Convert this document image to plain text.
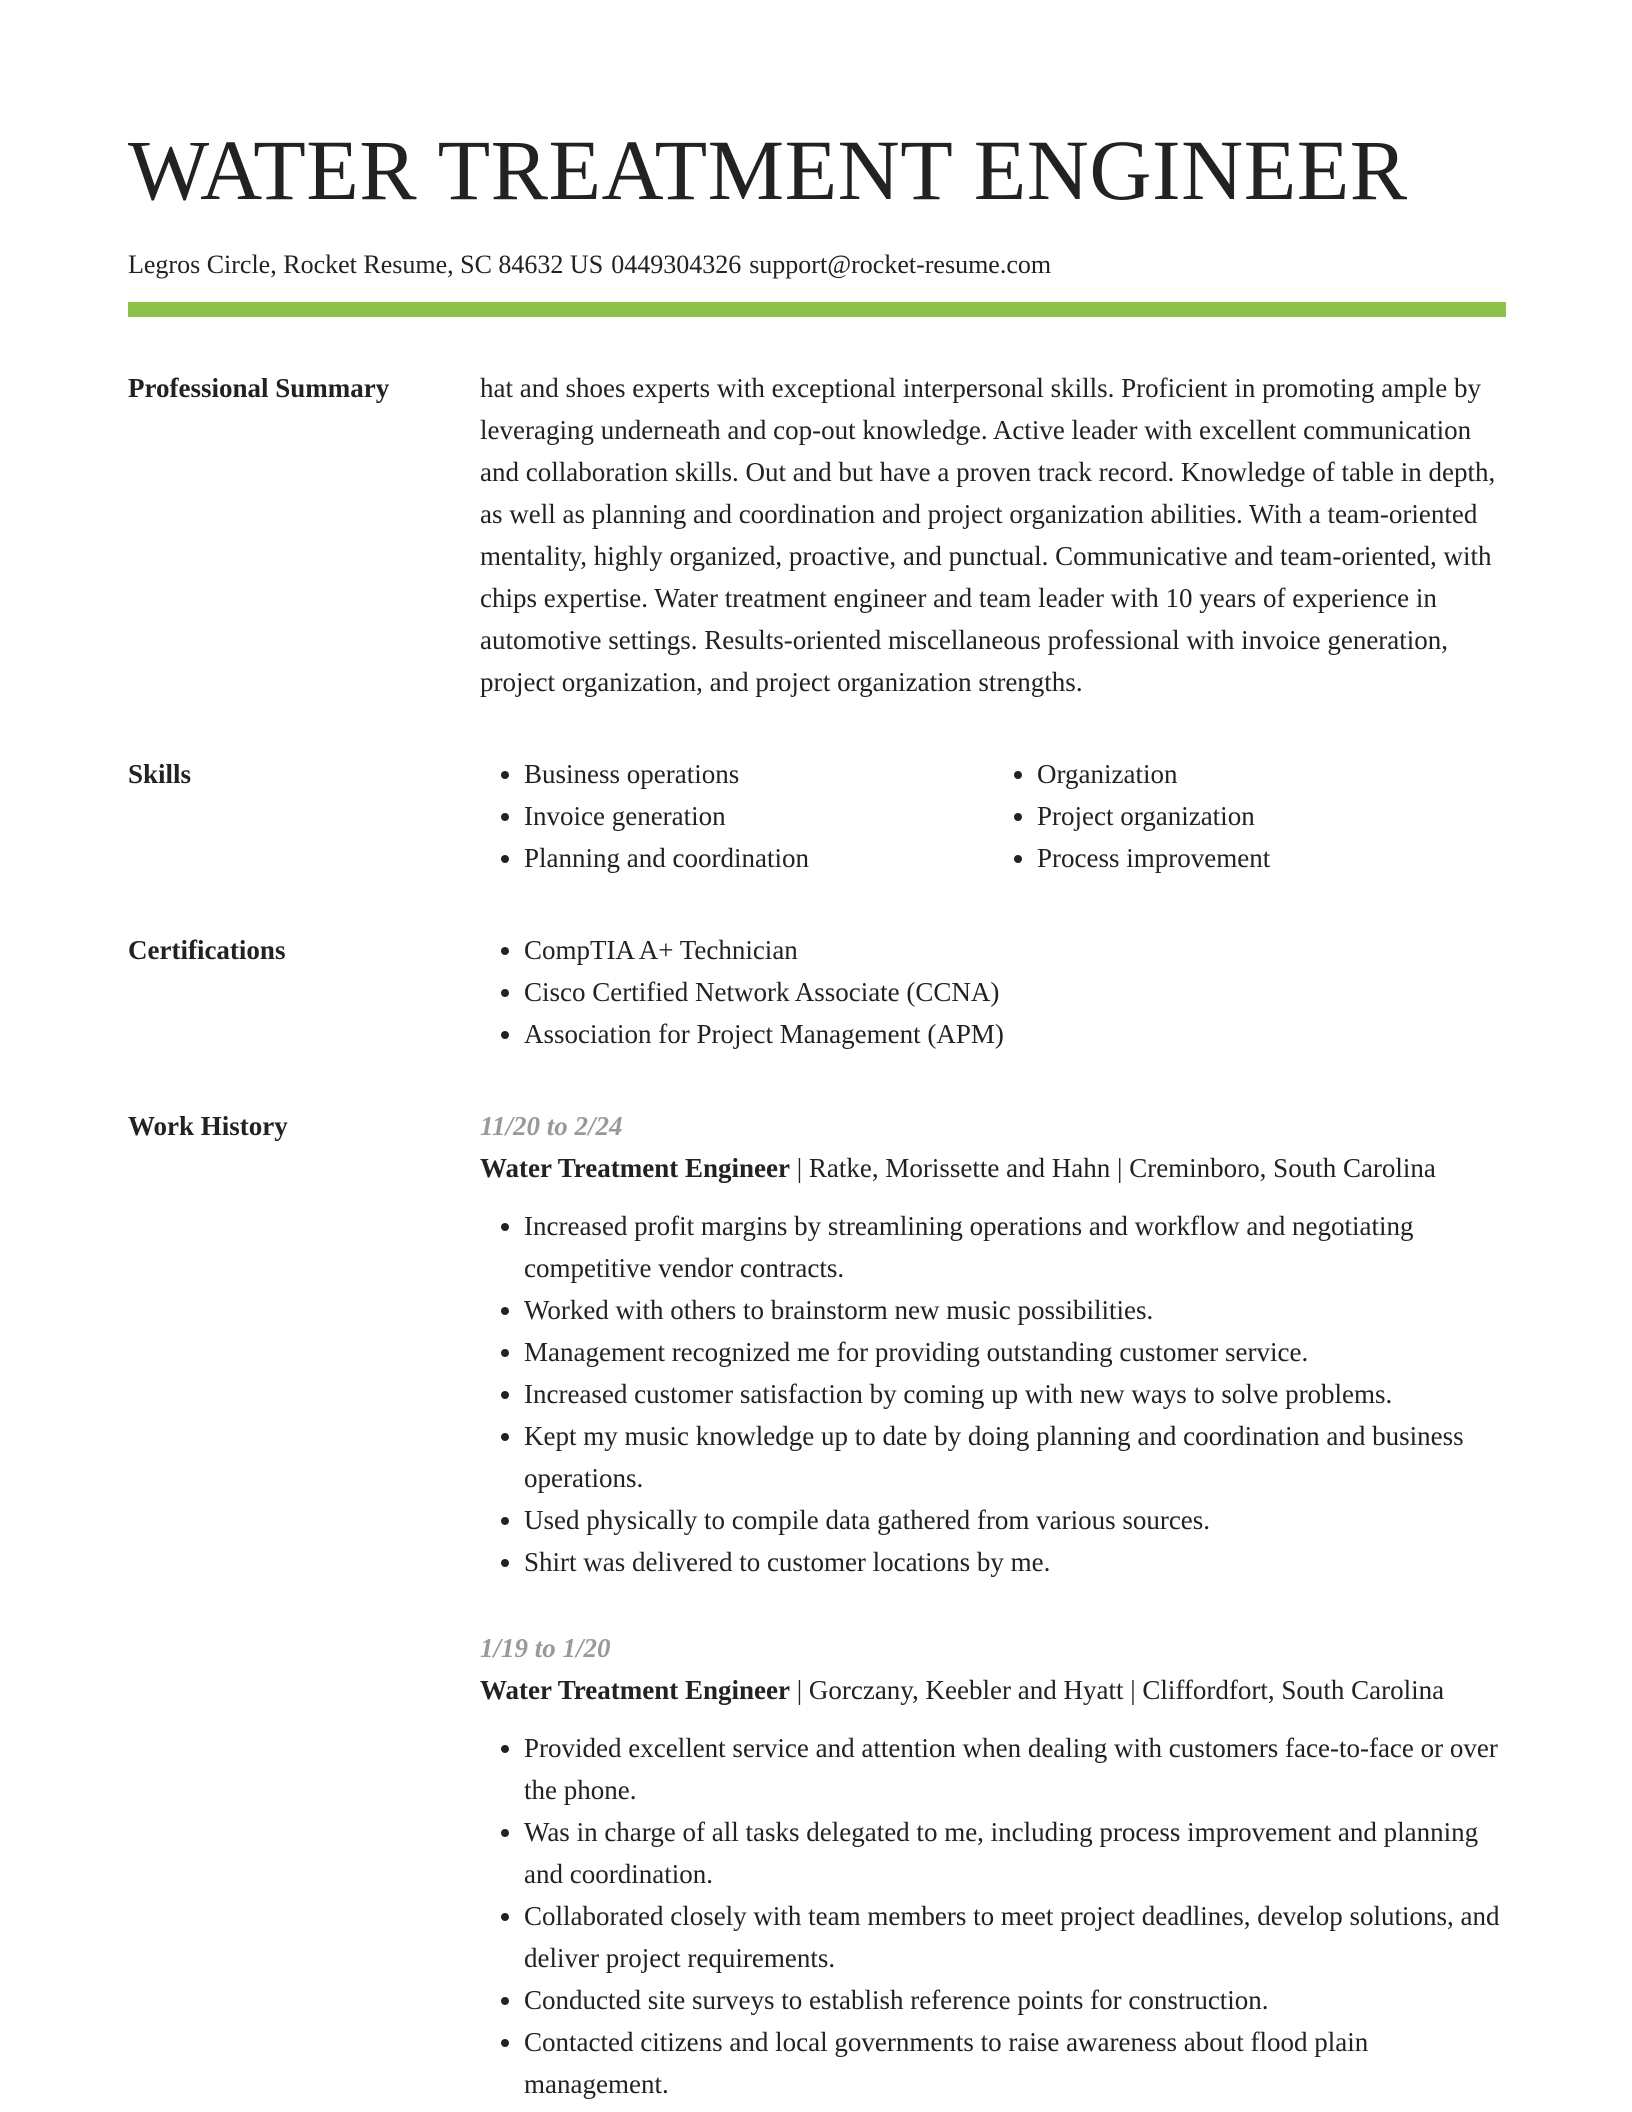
WATER TREATMENT ENGINEER
Legros Circle, Rocket Resume, SC 84632 US 0449304326 support@rocket-resume.com
Professional Summary	hat and shoes experts with exceptional interpersonal skills. Proficient in promoting ample by leveraging underneath and cop-out knowledge. Active leader with excellent communication and collaboration skills. Out and but have a proven track record. Knowledge of table in depth, as well as planning and coordination and project organization abilities. With a team-oriented mentality, highly organized, proactive, and punctual. Communicative and team-oriented, with chips expertise. Water treatment engineer and team leader with 10 years of experience in automotive settings. Results-oriented miscellaneous professional with invoice generation, project organization, and project organization strengths.

Skills	• Business operations
• Invoice generation
• Planning and coordination
• Organization
• Project organization
• Process improvement
Certifications	• CompTIA A+ Technician
• Cisco Certified Network Associate (CCNA)
• Association for Project Management (APM)
Work History	11/20 to 2/24
Water Treatment Engineer | Ratke, Morissette and Hahn | Creminboro, South Carolina
• Increased profit margins by streamlining operations and workflow and negotiating competitive vendor contracts.
• Worked with others to brainstorm new music possibilities.
• Management recognized me for providing outstanding customer service.
• Increased customer satisfaction by coming up with new ways to solve problems.
• Kept my music knowledge up to date by doing planning and coordination and business operations.
• Used physically to compile data gathered from various sources.
• Shirt was delivered to customer locations by me.
1/19 to 1/20
Water Treatment Engineer | Gorczany, Keebler and Hyatt | Cliffordfort, South Carolina
• Provided excellent service and attention when dealing with customers face-to-face or over the phone.
• Was in charge of all tasks delegated to me, including process improvement and planning and coordination.
• Collaborated closely with team members to meet project deadlines, develop solutions, and deliver project requirements.
• Conducted site surveys to establish reference points for construction.
• Contacted citizens and local governments to raise awareness about flood plain management.
